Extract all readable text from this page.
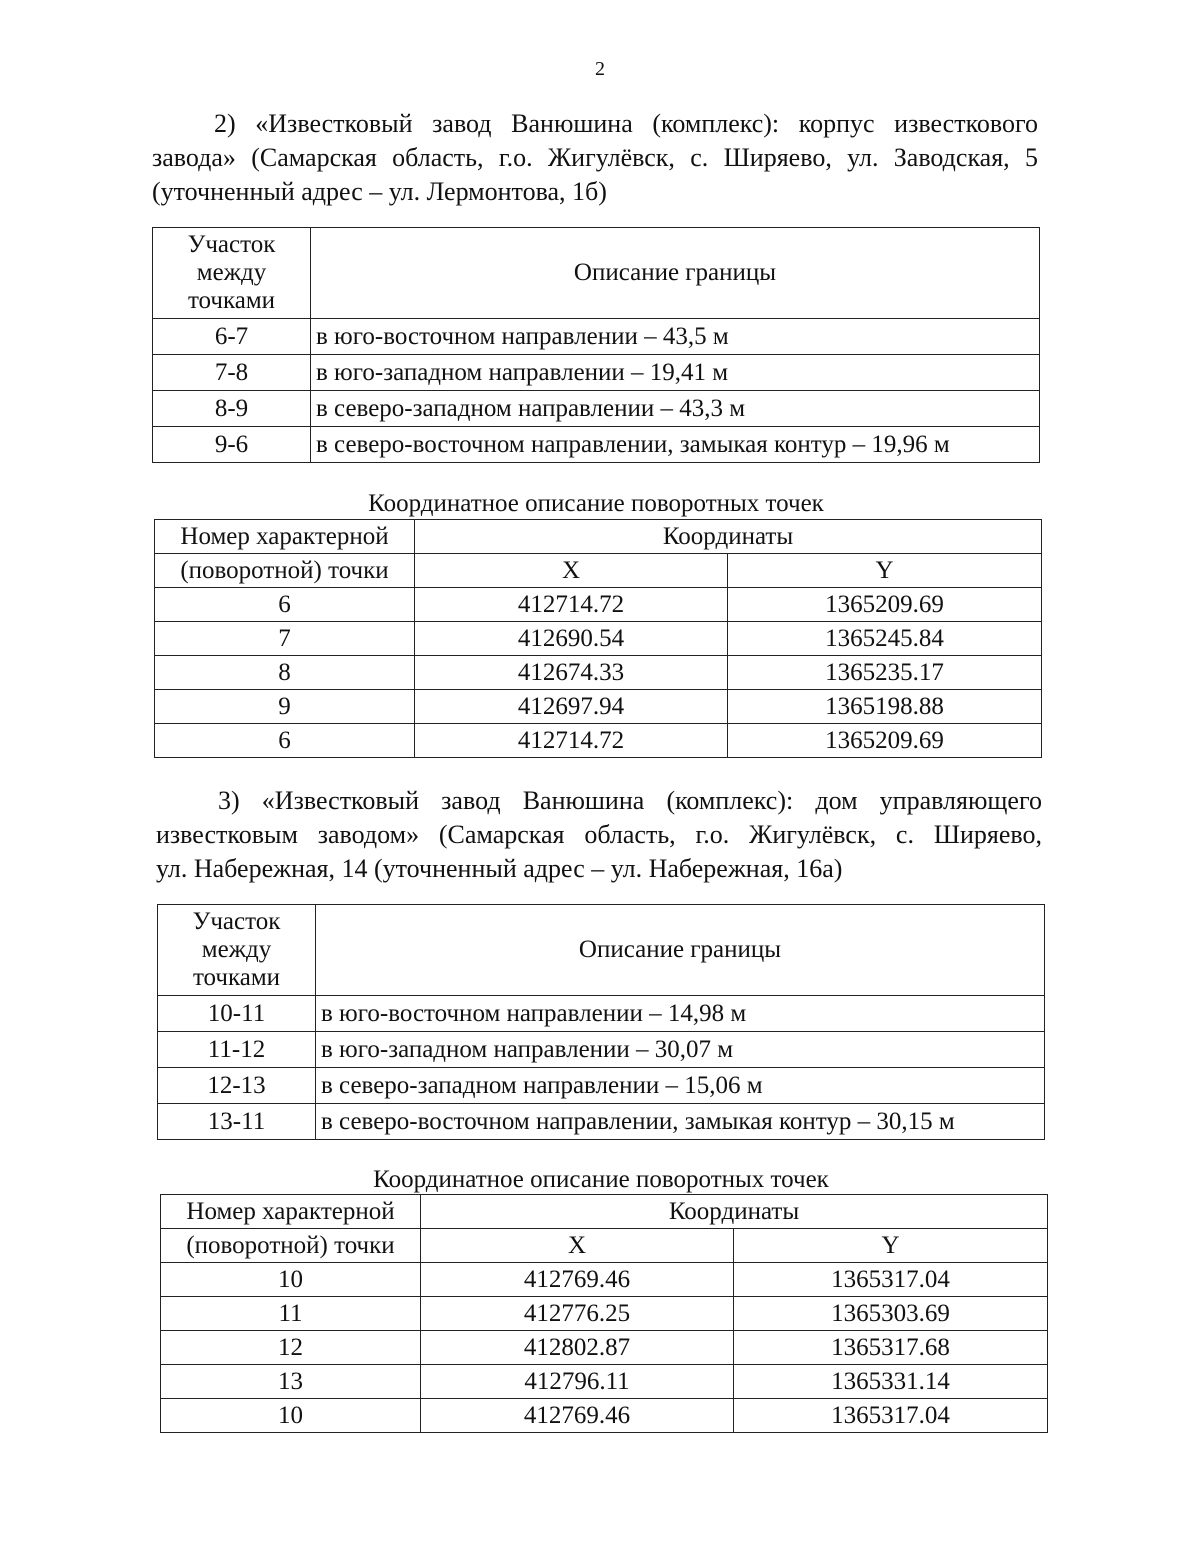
2
2) «Известковый завод Ванюшина (комплекс): корпус известкового
завода» (Самарская область, г.о. Жигулёвск, с. Ширяево, ул. Заводская, 5
(уточненный адрес – ул. Лермонтова, 1б)
Участок
между
точками	Описание границы
6-7	в юго-восточном направлении – 43,5 м
7-8	в юго-западном направлении – 19,41 м
8-9	в северо-западном направлении – 43,3 м
9-6	в северо-восточном направлении, замыкая контур – 19,96 м
Координатное описание поворотных точек
Номер характерной	Координаты	
(поворотной) точки	X	Y
6	412714.72	1365209.69
7	412690.54	1365245.84
8	412674.33	1365235.17
9	412697.94	1365198.88
6	412714.72	1365209.69
3) «Известковый завод Ванюшина (комплекс): дом управляющего
известковым заводом» (Самарская область, г.о. Жигулёвск, с. Ширяево,
ул. Набережная, 14 (уточненный адрес – ул. Набережная, 16а)
Участок
между
точками	Описание границы
10-11	в юго-восточном направлении – 14,98 м
11-12	в юго-западном направлении – 30,07 м
12-13	в северо-западном направлении – 15,06 м
13-11	в северо-восточном направлении, замыкая контур – 30,15 м
Координатное описание поворотных точек
Номер характерной	Координаты	
(поворотной) точки	X	Y
10	412769.46	1365317.04
11	412776.25	1365303.69
12	412802.87	1365317.68
13	412796.11	1365331.14
10	412769.46	1365317.04
